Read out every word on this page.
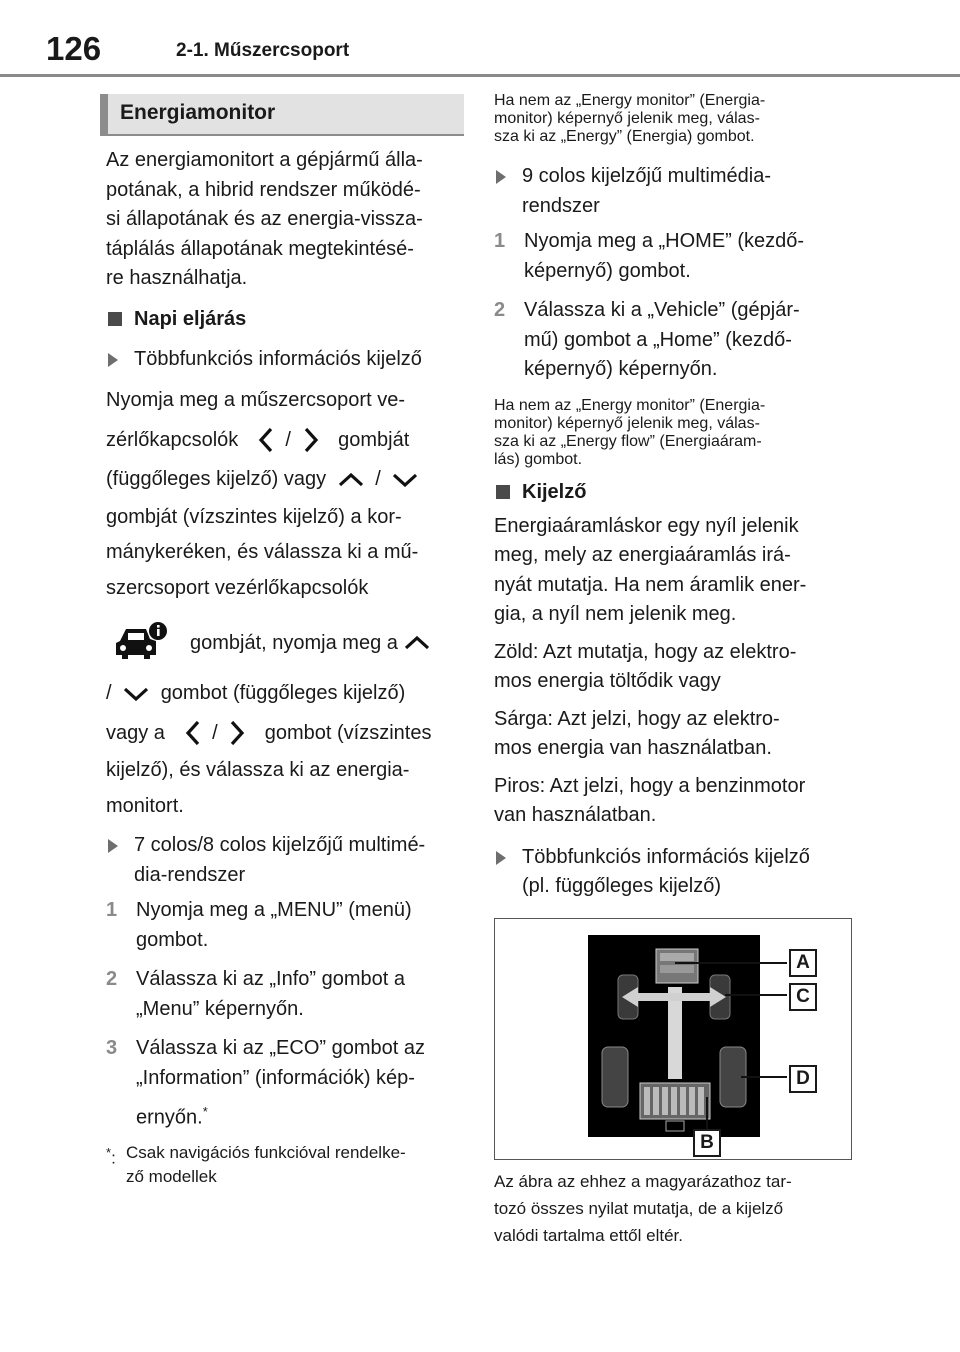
126	2-1. Műszercsoport
Energiamonitor

Az energiamonitort a gépjármű álla-

potának, a hibrid rendszer működé-

si állapotának és az energia-vissza-

táplálás állapotának megtekintésé-

re használhatja.

Napi eljárás
Többfunkciós információs kijelző

Nyomja meg a műszercsoport ve-

zérlőkapcsolók / gombját
(függőleges kijelző) vagy /

gombját (vízszintes kijelző) a kor-

mánykeréken, és válassza ki a mű-

szercsoport vezérlőkapcsolók

gombját, nyomja meg a
/ gombot (függőleges kijelző)
vagy a / gombot (vízszintes

kijelző), és válassza ki az energia-

monitort.

7 colos/8 colos kijelzőjű multimé-
dia-rendszer
1 Nyomja meg a „MENU” (menü)
gombot.
2 Válassza ki az „Info” gombot a
„Menu” képernyőn.
3 Válassza ki az „ECO” gombot az
„Information” (információk) kép-
ernyőn.*
*: Csak navigációs funkcióval rendelke-
ző modellek

Ha nem az „Energy monitor” (Energia-

monitor) képernyő jelenik meg, válas-

sza ki az „Energy” (Energia) gombot.

9 colos kijelzőjű multimédia-
rendszer
1 Nyomja meg a „HOME” (kezdő-
képernyő) gombot.
2 Válassza ki a „Vehicle” (gépjár-
mű) gombot a „Home” (kezdő-
képernyő) képernyőn.

Ha nem az „Energy monitor” (Energia-

monitor) képernyő jelenik meg, válas-

sza ki az „Energy flow” (Energiaáram-

lás) gombot.

Kijelző

Energiaáramláskor egy nyíl jelenik

meg, mely az energiaáramlás irá-

nyát mutatja. Ha nem áramlik ener-

gia, a nyíl nem jelenik meg.

Zöld: Azt mutatja, hogy az elektro-

mos energia töltődik vagy

Sárga: Azt jelzi, hogy az elektro-

mos energia van használatban.

Piros: Azt jelzi, hogy a benzinmotor

van használatban.

Többfunkciós információs kijelző
(pl. függőleges kijelző)
A
C
D
B

Az ábra az ehhez a magyarázathoz tar-

tozó összes nyilat mutatja, de a kijelző

valódi tartalma ettől eltér.
